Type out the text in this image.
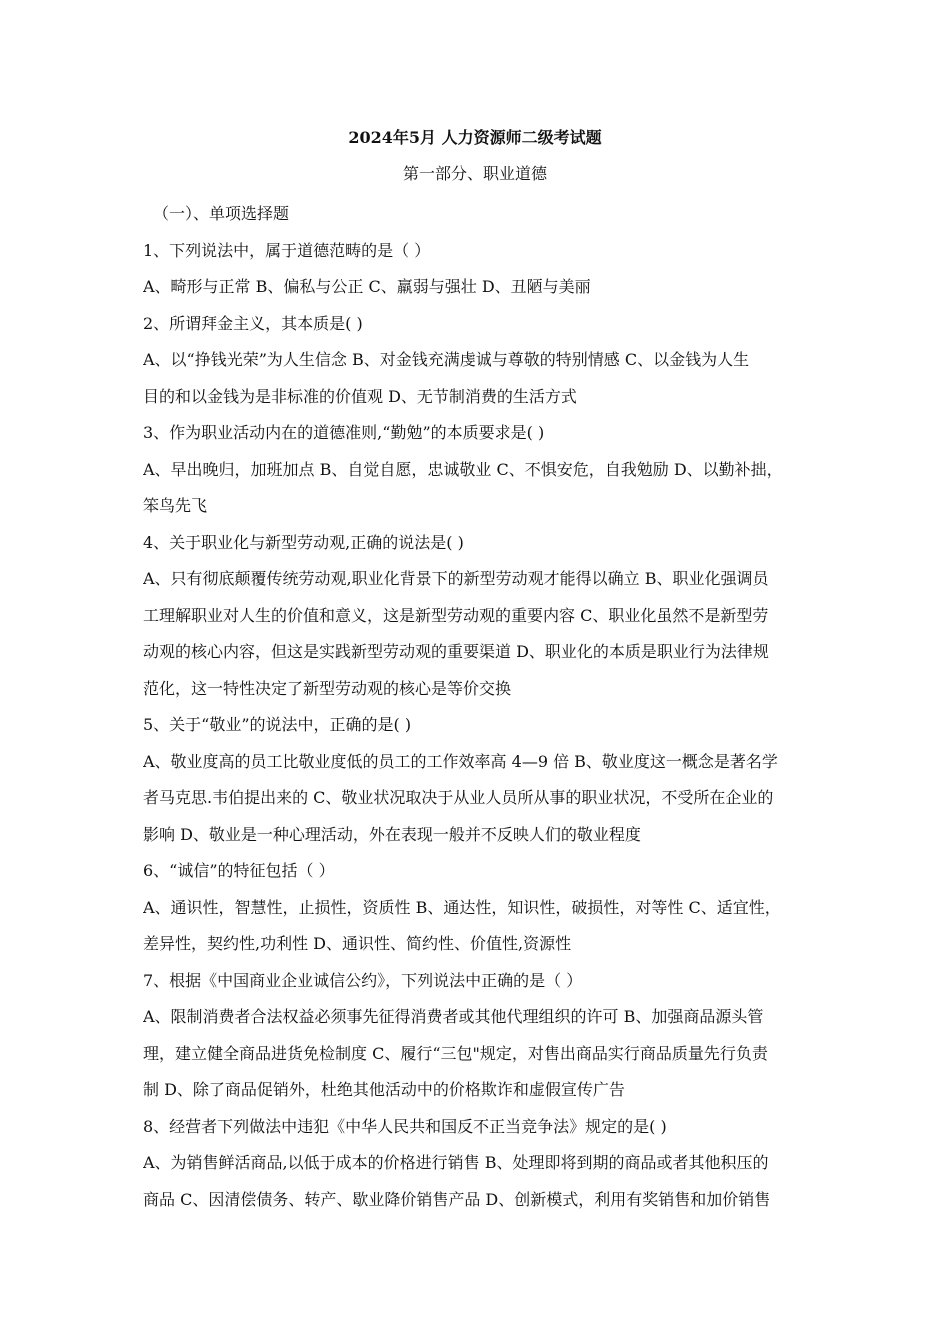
2024年5月 人力资源师二级考试题
第一部分、职业道德
（一）、单项选择题
1、下列说法中，属于道德范畴的是（ ）
A、畸形与正常 B、偏私与公正 C、羸弱与强壮 D、丑陋与美丽
2、所谓拜金主义，其本质是( )
A、以“挣钱光荣”为人生信念 B、对金钱充满虔诚与尊敬的特别情感 C、以金钱为人生
目的和以金钱为是非标准的价值观 D、无节制消费的生活方式
3、作为职业活动内在的道德准则,“勤勉”的本质要求是( )
A、早出晚归，加班加点 B、自觉自愿，忠诚敬业 C、不惧安危，自我勉励 D、以勤补拙，
笨鸟先飞
4、关于职业化与新型劳动观,正确的说法是( )
A、只有彻底颠覆传统劳动观,职业化背景下的新型劳动观才能得以确立 B、职业化强调员
工理解职业对人生的价值和意义，这是新型劳动观的重要内容 C、职业化虽然不是新型劳
动观的核心内容，但这是实践新型劳动观的重要渠道 D、职业化的本质是职业行为法律规
范化，这一特性决定了新型劳动观的核心是等价交换
5、关于“敬业”的说法中，正确的是( )
A、敬业度高的员工比敬业度低的员工的工作效率高 4—9 倍 B、敬业度这一概念是著名学
者马克思.韦伯提出来的 C、敬业状况取决于从业人员所从事的职业状况，不受所在企业的
影响 D、敬业是一种心理活动，外在表现一般并不反映人们的敬业程度
6、“诚信”的特征包括（ ）
A、通识性，智慧性，止损性，资质性 B、通达性，知识性，破损性，对等性 C、适宜性，
差异性，契约性,功利性 D、通识性、简约性、价值性,资源性
7、根据《中国商业企业诚信公约》，下列说法中正确的是（ ）
A、限制消费者合法权益必须事先征得消费者或其他代理组织的许可 B、加强商品源头管
理，建立健全商品进货免检制度 C、履行“三包"规定，对售出商品实行商品质量先行负责
制 D、除了商品促销外，杜绝其他活动中的价格欺诈和虚假宣传广告
8、经营者下列做法中违犯《中华人民共和国反不正当竞争法》规定的是( )
A、为销售鲜活商品,以低于成本的价格进行销售 B、处理即将到期的商品或者其他积压的
商品 C、因清偿债务、转产、歇业降价销售产品 D、创新模式，利用有奖销售和加价销售
